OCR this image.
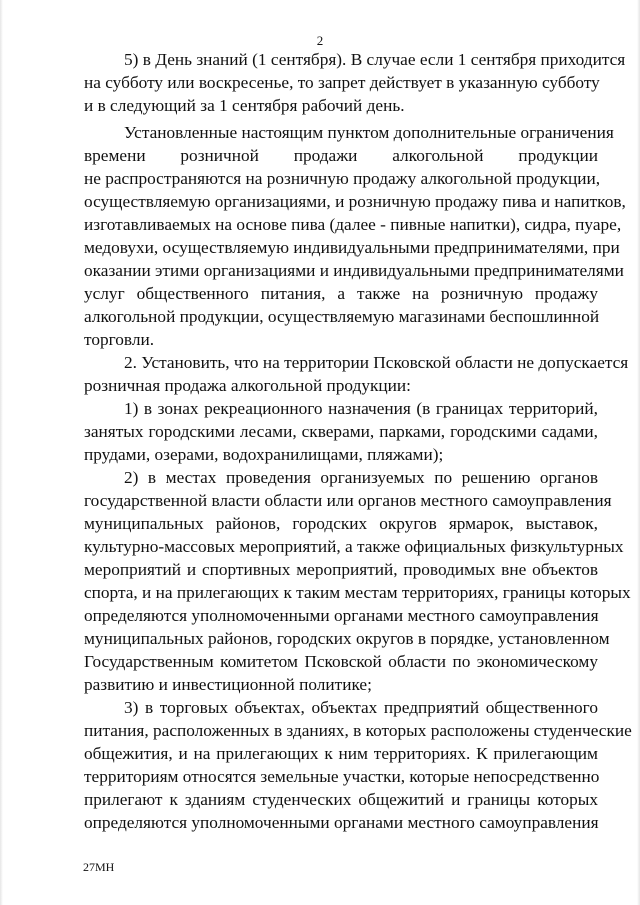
2
5) в День знаний (1 сентября). В случае если 1 сентября приходится
на субботу или воскресенье, то запрет действует в указанную субботу
и в следующий за 1 сентября рабочий день.
Установленные настоящим пунктом дополнительные ограничения
времени розничной продажи алкогольной продукции
не распространяются на розничную продажу алкогольной продукции,
осуществляемую организациями, и розничную продажу пива и напитков,
изготавливаемых на основе пива (далее - пивные напитки), сидра, пуаре,
медовухи, осуществляемую индивидуальными предпринимателями, при
оказании этими организациями и индивидуальными предпринимателями
услуг общественного питания, а также на розничную продажу
алкогольной продукции, осуществляемую магазинами беспошлинной
торговли.
2. Установить, что на территории Псковской области не допускается
розничная продажа алкогольной продукции:
1) в зонах рекреационного назначения (в границах территорий,
занятых городскими лесами, скверами, парками, городскими садами,
прудами, озерами, водохранилищами, пляжами);
2) в местах проведения организуемых по решению органов
государственной власти области или органов местного самоуправления
муниципальных районов, городских округов ярмарок, выставок,
культурно-массовых мероприятий, а также официальных физкультурных
мероприятий и спортивных мероприятий, проводимых вне объектов
спорта, и на прилегающих к таким местам территориях, границы которых
определяются уполномоченными органами местного самоуправления
муниципальных районов, городских округов в порядке, установленном
Государственным комитетом Псковской области по экономическому
развитию и инвестиционной политике;
3) в торговых объектах, объектах предприятий общественного
питания, расположенных в зданиях, в которых расположены студенческие
общежития, и на прилегающих к ним территориях. К прилегающим
территориям относятся земельные участки, которые непосредственно
прилегают к зданиям студенческих общежитий и границы которых
определяются уполномоченными органами местного самоуправления
27МН
